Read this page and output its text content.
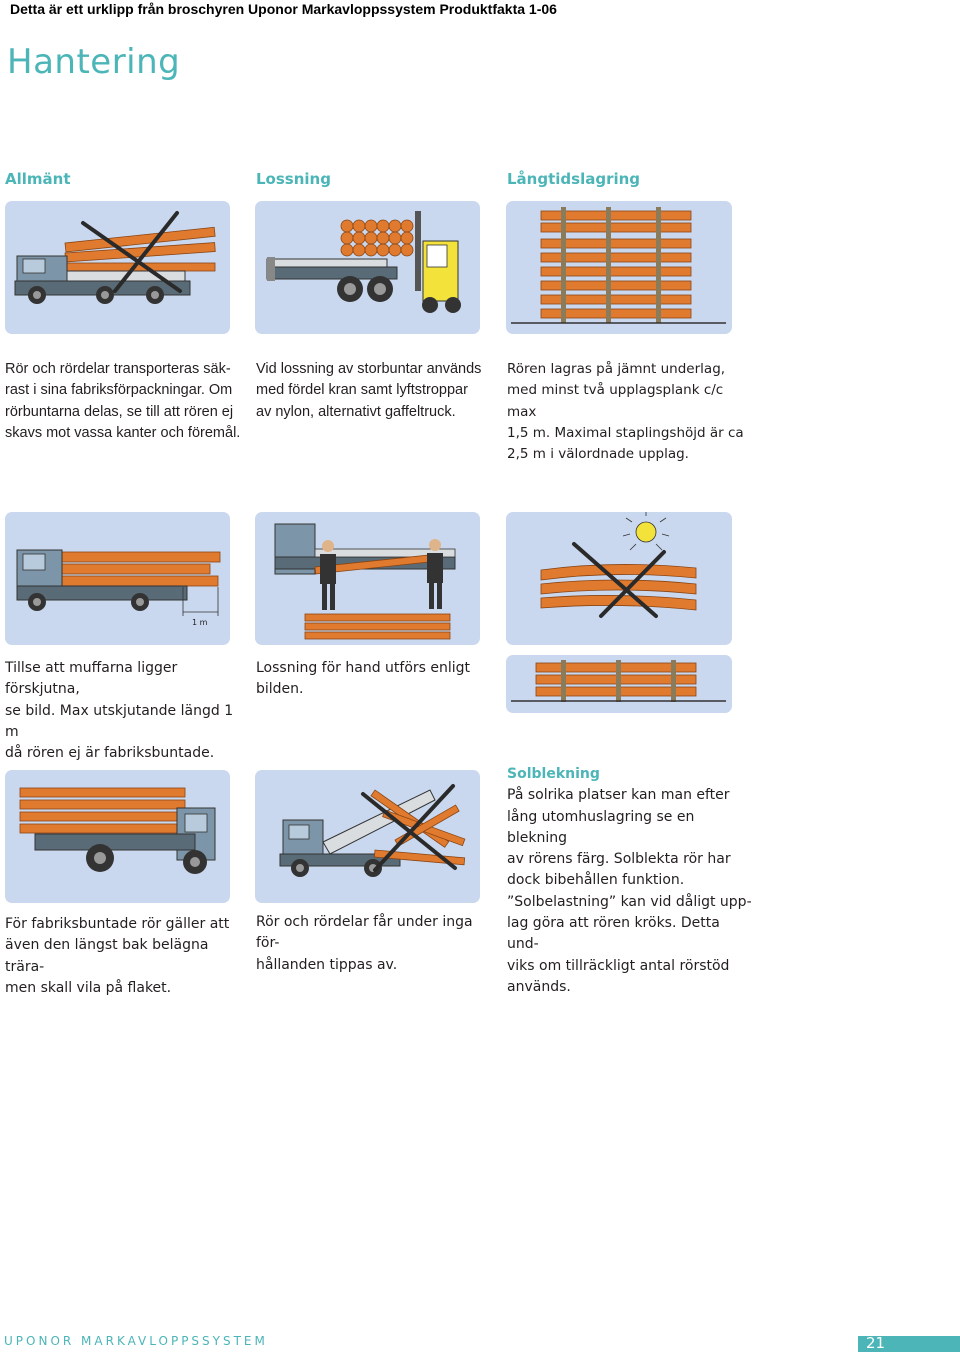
Detta är ett urklipp från broschyren Uponor Markavloppssystem Produktfakta 1-06
Hantering
Allmänt	Lossning	Långtidslagring
Rör och rördelar transporteras säk-
rast i sina fabriksförpackningar. Om
rörbuntarna delas, se till att rören ej
skavs mot vassa kanter och föremål.
Vid lossning av storbuntar används
med fördel kran samt lyftstroppar
av nylon, alternativt gaffeltruck.
Rören lagras på jämnt underlag,
med minst två upplagsplank c/c max
1,5 m. Maximal staplingshöjd är ca
2,5 m i välordnade upplag.
1 m
Tillse att muffarna ligger förskjutna,
se bild. Max utskjutande längd 1 m
då rören ej är fabriksbuntade.
Lossning för hand utförs enligt
bilden.
För fabriksbuntade rör gäller att
även den längst bak belägna trära-
men skall vila på flaket.
Rör och rördelar får under inga för-
hållanden tippas av.
Solblekning
På solrika platser kan man efter
lång utomhuslagring se en blekning
av rörens färg. Solblekta rör har
dock bibehållen funktion.
”Solbelastning” kan vid dåligt upp-
lag göra att rören kröks. Detta und-
viks om tillräckligt antal rörstöd
används.
UPONOR MARKAVLOPPSSYSTEM	21
